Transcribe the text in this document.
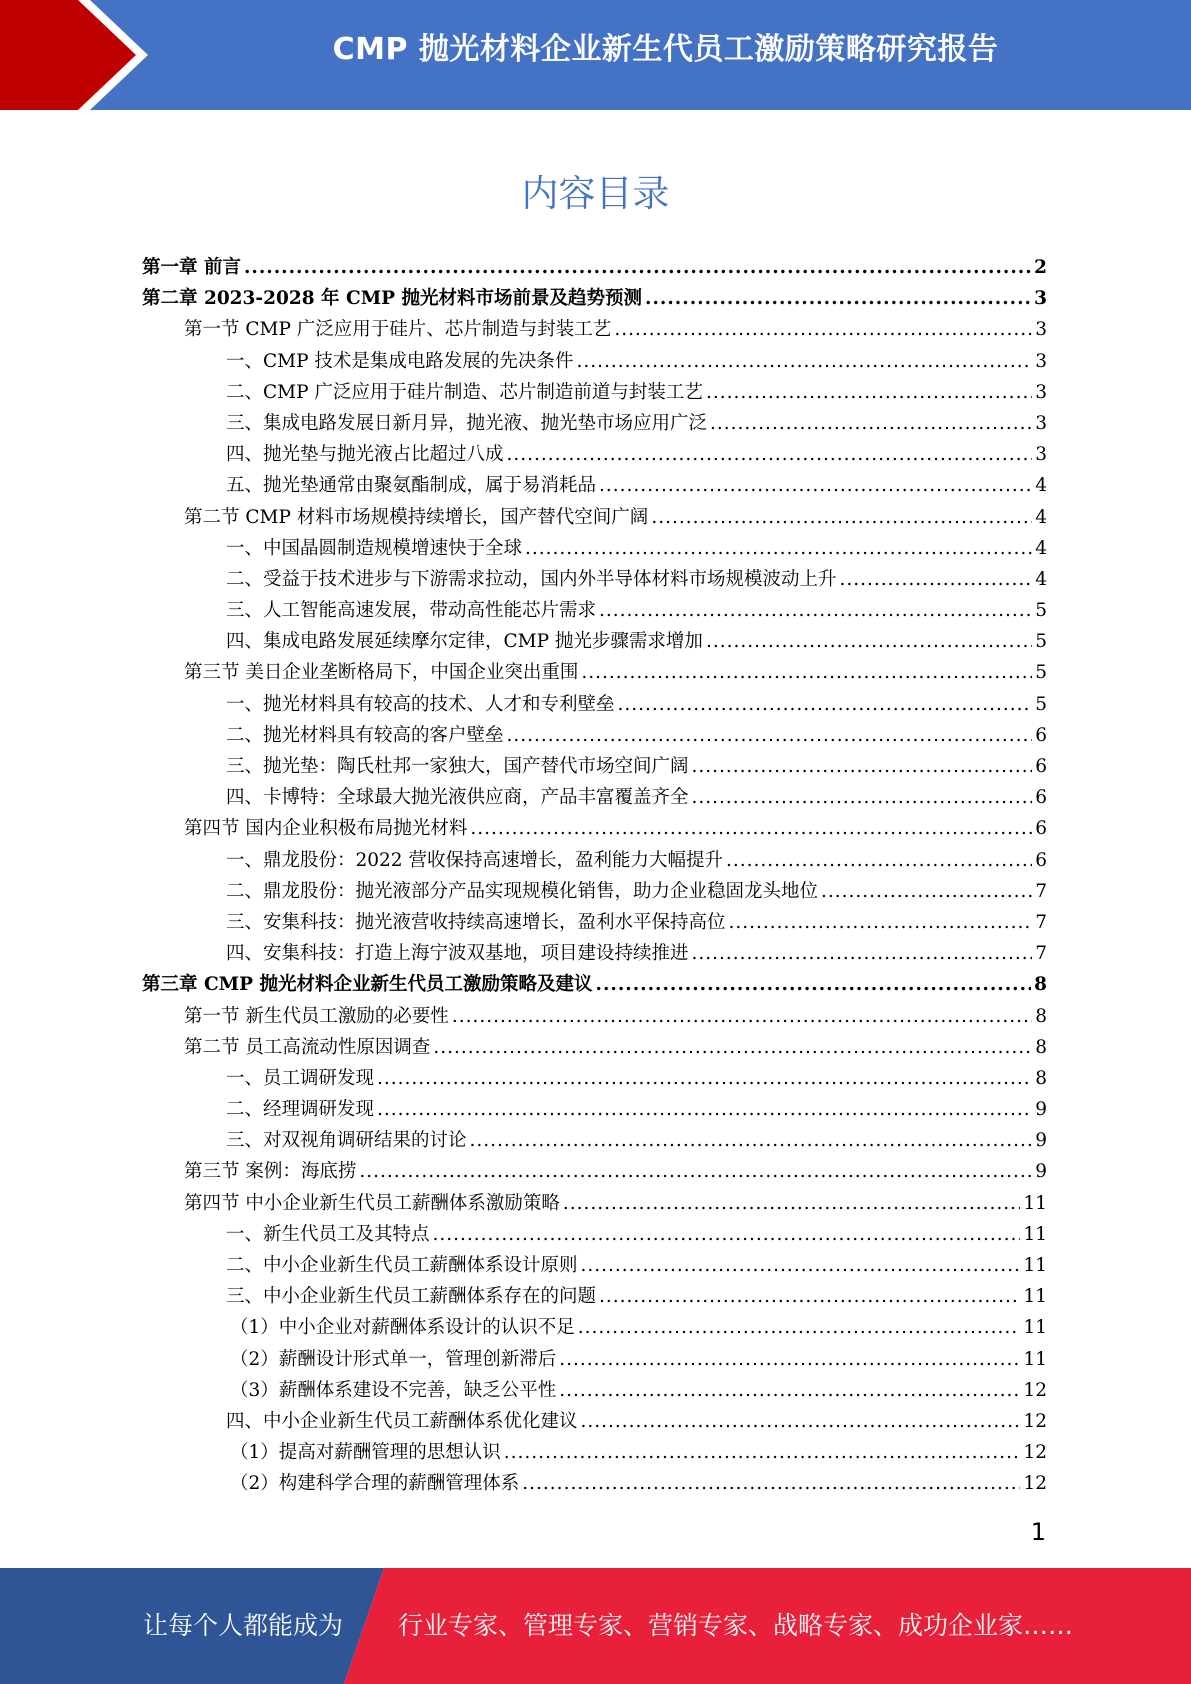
CMP 抛光材料企业新生代员工激励策略研究报告
内容目录
第一章 前言 .....	2
第二章 2023-2028 年 CMP 抛光材料市场前景及趋势预测 .....	3
第一节 CMP 广泛应用于硅片、芯片制造与封装工艺 .....	3
一、CMP 技术是集成电路发展的先决条件 .....	3
二、CMP 广泛应用于硅片制造、芯片制造前道与封装工艺 .....	3
三、集成电路发展日新月异，抛光液、抛光垫市场应用广泛 .....	3
四、抛光垫与抛光液占比超过八成 .....	3
五、抛光垫通常由聚氨酯制成，属于易消耗品 .....	4
第二节 CMP 材料市场规模持续增长，国产替代空间广阔 .....	4
一、中国晶圆制造规模增速快于全球 .....	4
二、受益于技术进步与下游需求拉动，国内外半导体材料市场规模波动上升 .....	4
三、人工智能高速发展，带动高性能芯片需求 .....	5
四、集成电路发展延续摩尔定律，CMP 抛光步骤需求增加 .....	5
第三节 美日企业垄断格局下，中国企业突出重围 .....	5
一、抛光材料具有较高的技术、人才和专利壁垒 .....	5
二、抛光材料具有较高的客户壁垒 .....	6
三、抛光垫：陶氏杜邦一家独大，国产替代市场空间广阔 .....	6
四、卡博特：全球最大抛光液供应商，产品丰富覆盖齐全 .....	6
第四节 国内企业积极布局抛光材料 .....	6
一、鼎龙股份：2022 营收保持高速增长，盈利能力大幅提升 .....	6
二、鼎龙股份：抛光液部分产品实现规模化销售，助力企业稳固龙头地位 .....	7
三、安集科技：抛光液营收持续高速增长，盈利水平保持高位 .....	7
四、安集科技：打造上海宁波双基地，项目建设持续推进 .....	7
第三章 CMP 抛光材料企业新生代员工激励策略及建议 .....	8
第一节 新生代员工激励的必要性 .....	8
第二节 员工高流动性原因调查 .....	8
一、员工调研发现 .....	8
二、经理调研发现 .....	9
三、对双视角调研结果的讨论 .....	9
第三节 案例：海底捞 .....	9
第四节 中小企业新生代员工薪酬体系激励策略 .....	11
一、新生代员工及其特点 .....	11
二、中小企业新生代员工薪酬体系设计原则 .....	11
三、中小企业新生代员工薪酬体系存在的问题 .....	11
（1）中小企业对薪酬体系设计的认识不足 .....	11
（2）薪酬设计形式单一，管理创新滞后 .....	11
（3）薪酬体系建设不完善，缺乏公平性 .....	12
四、中小企业新生代员工薪酬体系优化建议 .....	12
（1）提高对薪酬管理的思想认识 .....	12
（2）构建科学合理的薪酬管理体系 .....	12
1
让每个人都能成为 行业专家、管理专家、营销专家、战略专家、成功企业家……
